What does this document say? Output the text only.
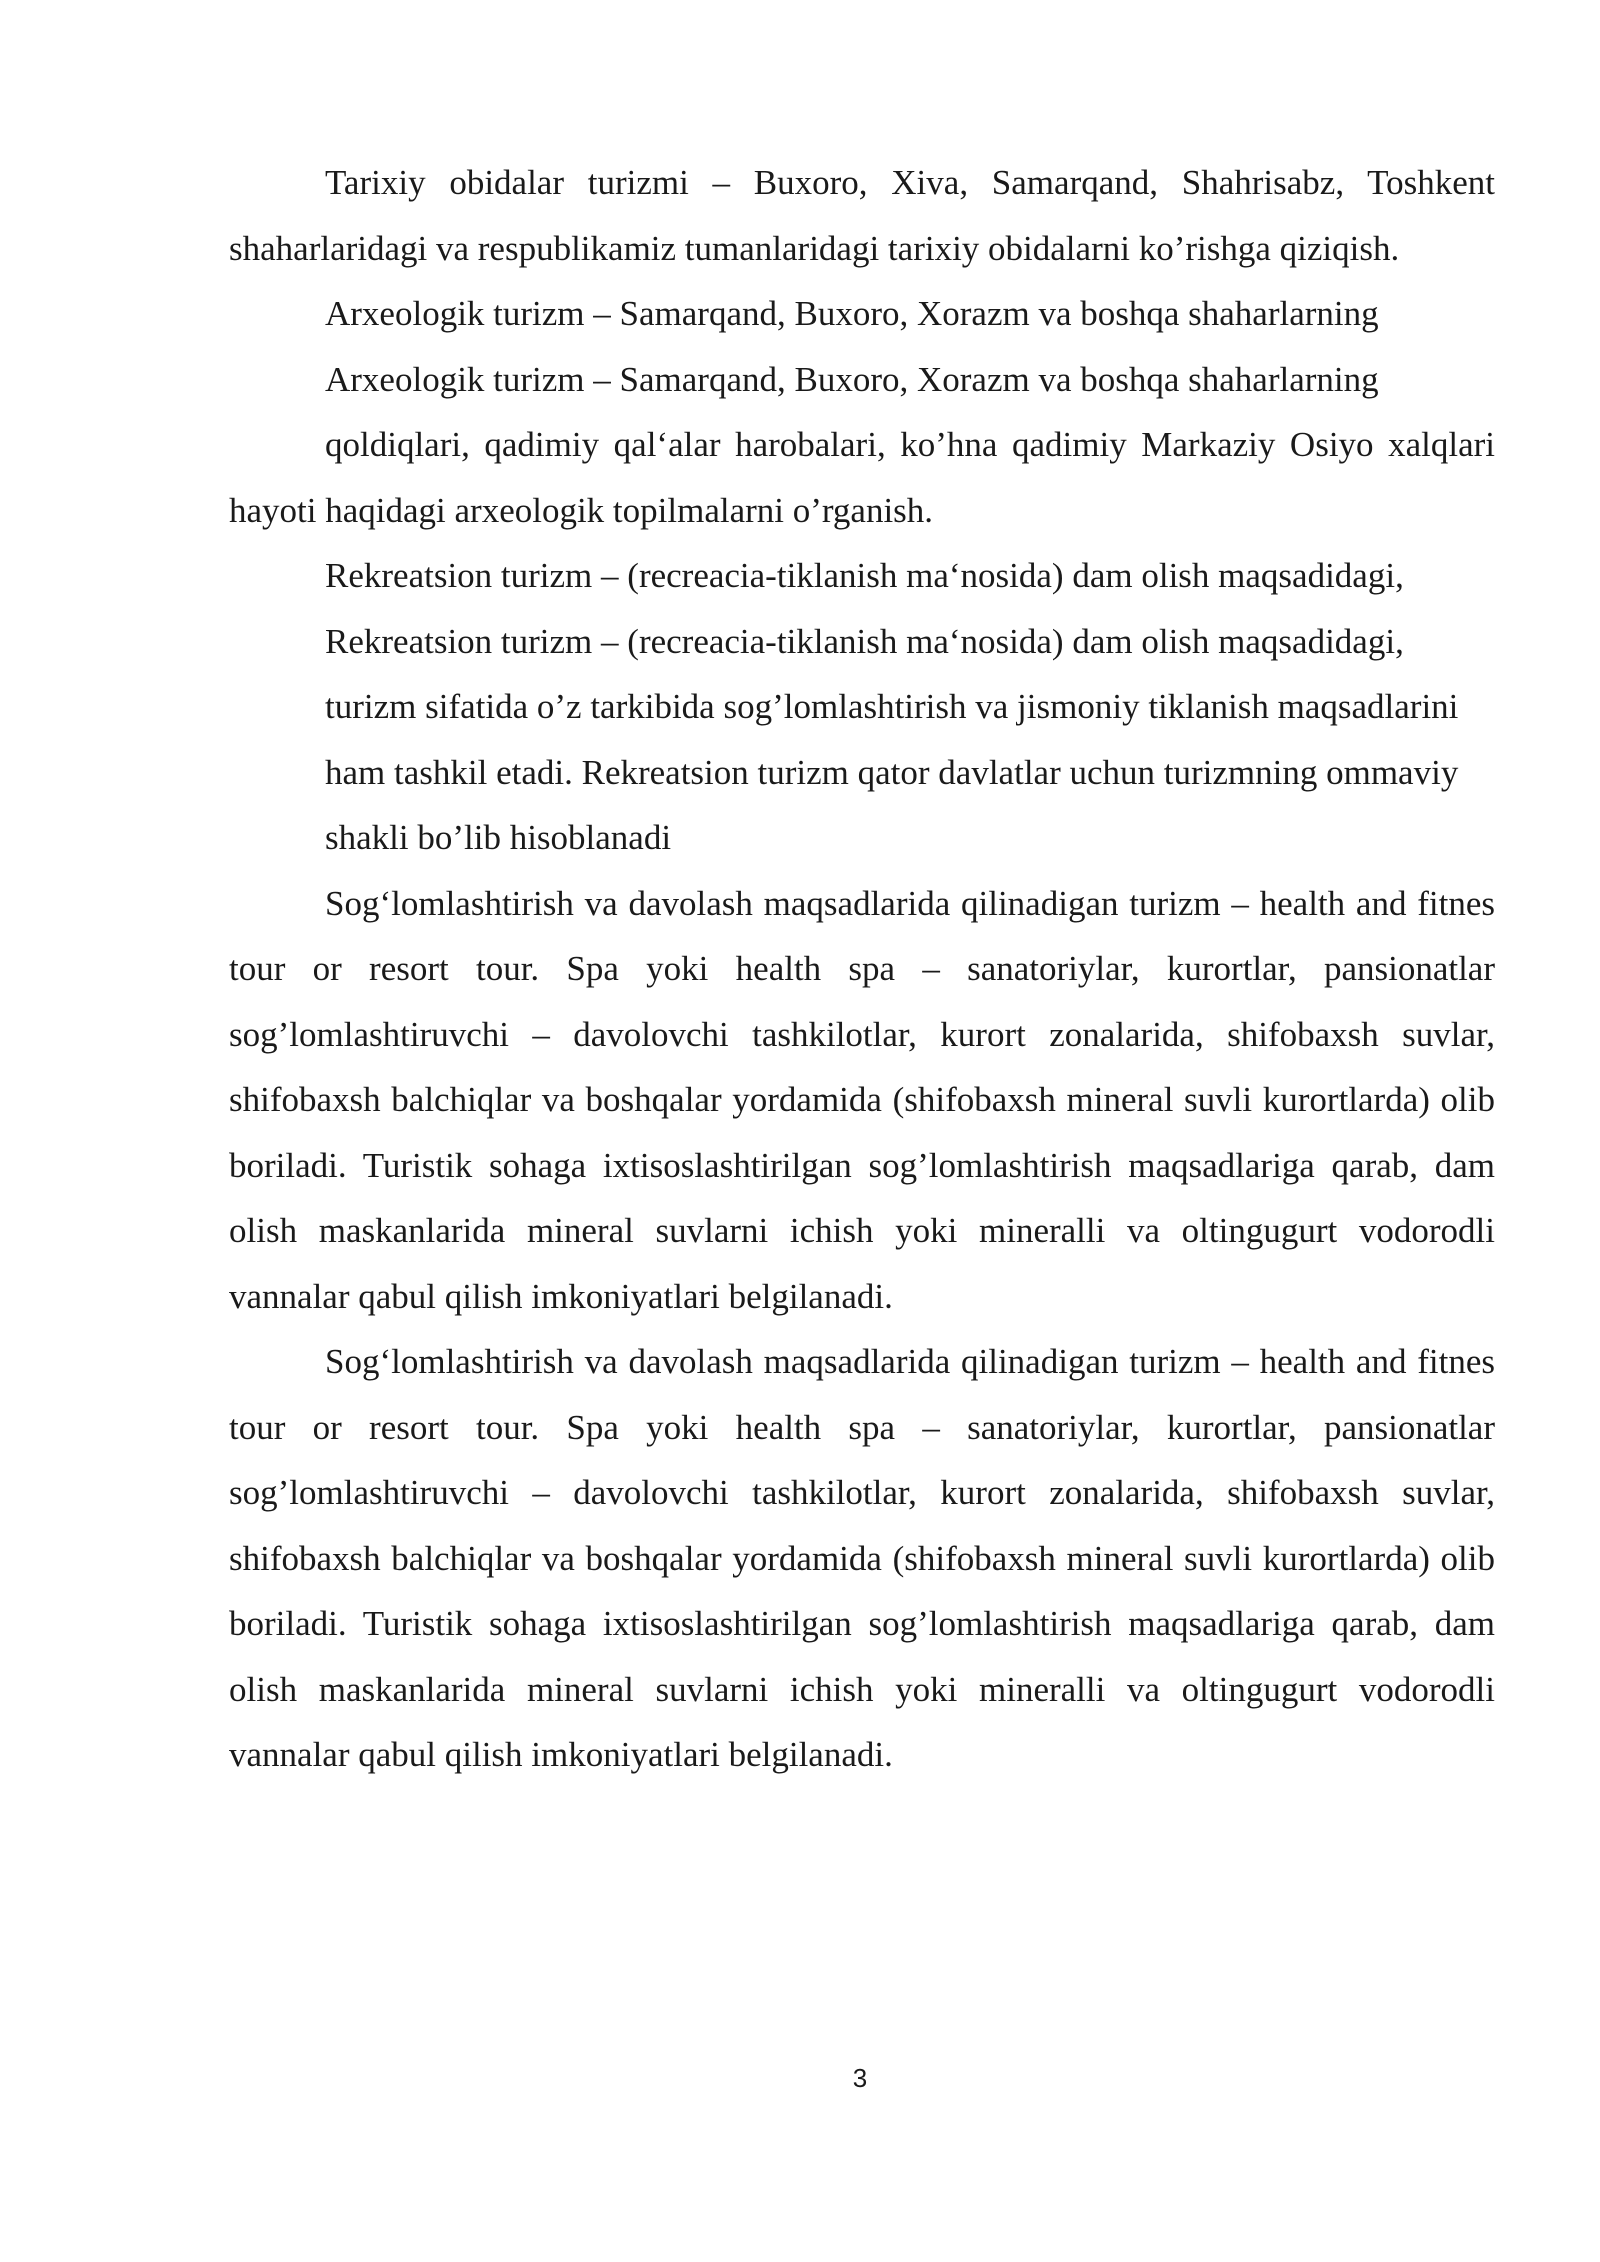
Tarixiy obidalar turizmi – Buxoro, Xiva, Samarqand, Shahrisabz, Toshkent shaharlaridagi va respublikamiz tumanlaridagi tarixiy obidalarni ko’rishga qiziqish.

Arxeologik turizm – Samarqand, Buxoro, Xorazm va boshqa shaharlarning

Arxeologik turizm – Samarqand, Buxoro, Xorazm va boshqa shaharlarning

qoldiqlari, qadimiy qal‘alar harobalari, ko’hna qadimiy Markaziy Osiyo xalqlari hayoti haqidagi arxeologik topilmalarni o’rganish.

Rekreatsion turizm – (recreacia-tiklanish ma‘nosida) dam olish maqsadidagi,

Rekreatsion turizm – (recreacia-tiklanish ma‘nosida) dam olish maqsadidagi,

turizm sifatida o’z tarkibida sog’lomlashtirish va jismoniy tiklanish maqsadlarini

ham tashkil etadi. Rekreatsion turizm qator davlatlar uchun turizmning ommaviy

shakli bo’lib hisoblanadi

Sog‘lomlashtirish va davolash maqsadlarida qilinadigan turizm – health and fitnes tour or resort tour. Spa yoki health spa – sanatoriylar, kurortlar, pansionatlar sog’lomlashtiruvchi – davolovchi tashkilotlar, kurort zonalarida, shifobaxsh suvlar, shifobaxsh balchiqlar va boshqalar yordamida (shifobaxsh mineral suvli kurortlarda) olib boriladi. Turistik sohaga ixtisoslashtirilgan sog’lomlashtirish maqsadlariga qarab, dam olish maskanlarida mineral suvlarni ichish yoki mineralli va oltingugurt vodorodli vannalar qabul qilish imkoniyatlari belgilanadi.

Sog‘lomlashtirish va davolash maqsadlarida qilinadigan turizm – health and fitnes tour or resort tour. Spa yoki health spa – sanatoriylar, kurortlar, pansionatlar sog’lomlashtiruvchi – davolovchi tashkilotlar, kurort zonalarida, shifobaxsh suvlar, shifobaxsh balchiqlar va boshqalar yordamida (shifobaxsh mineral suvli kurortlarda) olib boriladi. Turistik sohaga ixtisoslashtirilgan sog’lomlashtirish maqsadlariga qarab, dam olish maskanlarida mineral suvlarni ichish yoki mineralli va oltingugurt vodorodli vannalar qabul qilish imkoniyatlari belgilanadi.

3
